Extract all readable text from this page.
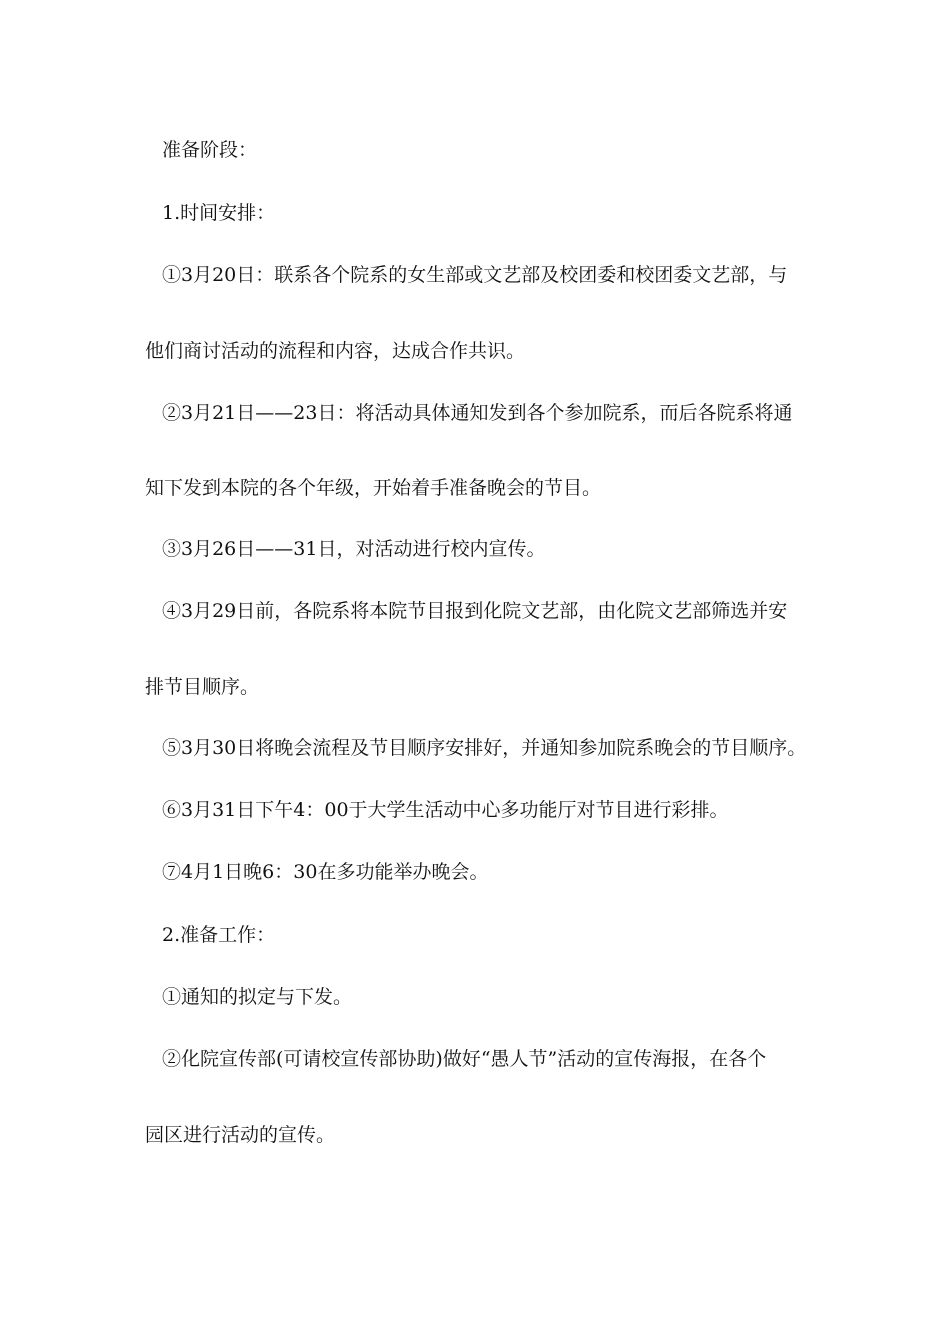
准备阶段：
1.时间安排：
①3月20日：联系各个院系的女生部或文艺部及校团委和校团委文艺部，与
他们商讨活动的流程和内容，达成合作共识。
②3月21日——23日：将活动具体通知发到各个参加院系，而后各院系将通
知下发到本院的各个年级，开始着手准备晚会的节目。
③3月26日——31日，对活动进行校内宣传。
④3月29日前，各院系将本院节目报到化院文艺部，由化院文艺部筛选并安
排节目顺序。
⑤3月30日将晚会流程及节目顺序安排好，并通知参加院系晚会的节目顺序。
⑥3月31日下午4：00于大学生活动中心多功能厅对节目进行彩排。
⑦4月1日晚6：30在多功能举办晚会。
2.准备工作：
①通知的拟定与下发。
②化院宣传部(可请校宣传部协助)做好“愚人节”活动的宣传海报，在各个
园区进行活动的宣传。
